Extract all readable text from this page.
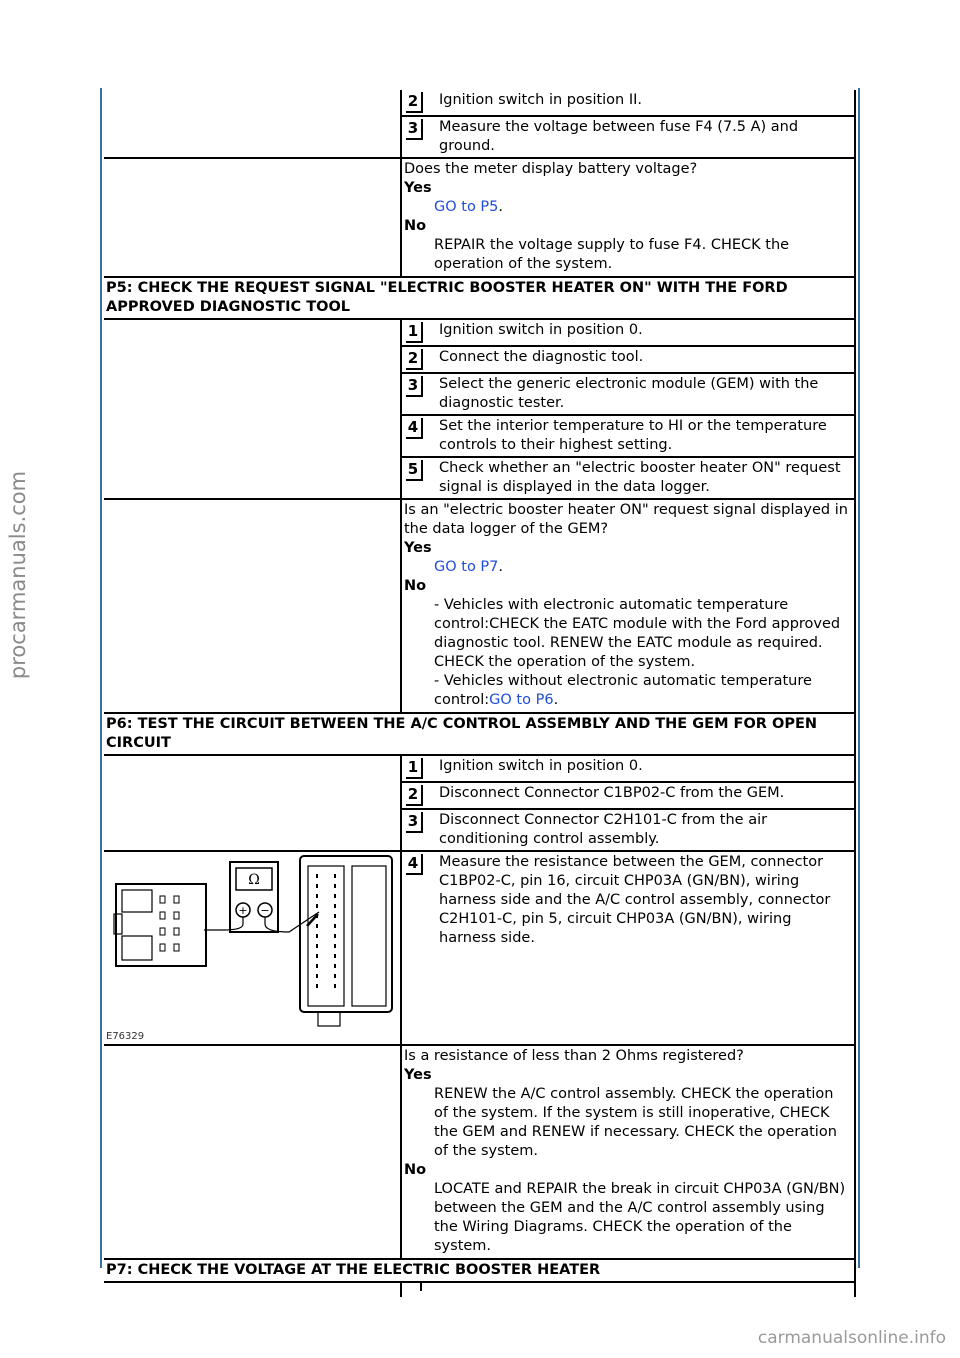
procarmanuals.com
carmanualsonline.info
2	Ignition switch in position II.
3	Measure the voltage between fuse F4 (7.5 A) and ground.
Does the meter display battery voltage?
Yes
GO to P5.
No
REPAIR the voltage supply to fuse F4. CHECK the operation of the system.
P5: CHECK THE REQUEST SIGNAL "ELECTRIC BOOSTER HEATER ON" WITH THE FORD APPROVED DIAGNOSTIC TOOL
1	Ignition switch in position 0.
2	Connect the diagnostic tool.
3	Select the generic electronic module (GEM) with the diagnostic tester.
4	Set the interior temperature to HI or the temperature controls to their highest setting.
5	Check whether an "electric booster heater ON" request signal is displayed in the data logger.
Is an "electric booster heater ON" request signal displayed in the data logger of the GEM?
Yes
GO to P7.
No
- Vehicles with electronic automatic temperature control:CHECK the EATC module with the Ford approved diagnostic tool. RENEW the EATC module as required. CHECK the operation of the system.
- Vehicles without electronic automatic temperature control:GO to P6.
P6: TEST THE CIRCUIT BETWEEN THE A/C CONTROL ASSEMBLY AND THE GEM FOR OPEN CIRCUIT
1	Ignition switch in position 0.
2	Disconnect Connector C1BP02-C from the GEM.
3	Disconnect Connector C2H101-C from the air conditioning control assembly.
Ω
+ −
E76329
4	Measure the resistance between the GEM, connector C1BP02-C, pin 16, circuit CHP03A (GN/BN), wiring harness side and the A/C control assembly, connector C2H101-C, pin 5, circuit CHP03A (GN/BN), wiring harness side.
Is a resistance of less than 2 Ohms registered?
Yes
RENEW the A/C control assembly. CHECK the operation of the system. If the system is still inoperative, CHECK the GEM and RENEW if necessary. CHECK the operation of the system.
No
LOCATE and REPAIR the break in circuit CHP03A (GN/BN) between the GEM and the A/C control assembly using the Wiring Diagrams. CHECK the operation of the system.
P7: CHECK THE VOLTAGE AT THE ELECTRIC BOOSTER HEATER
